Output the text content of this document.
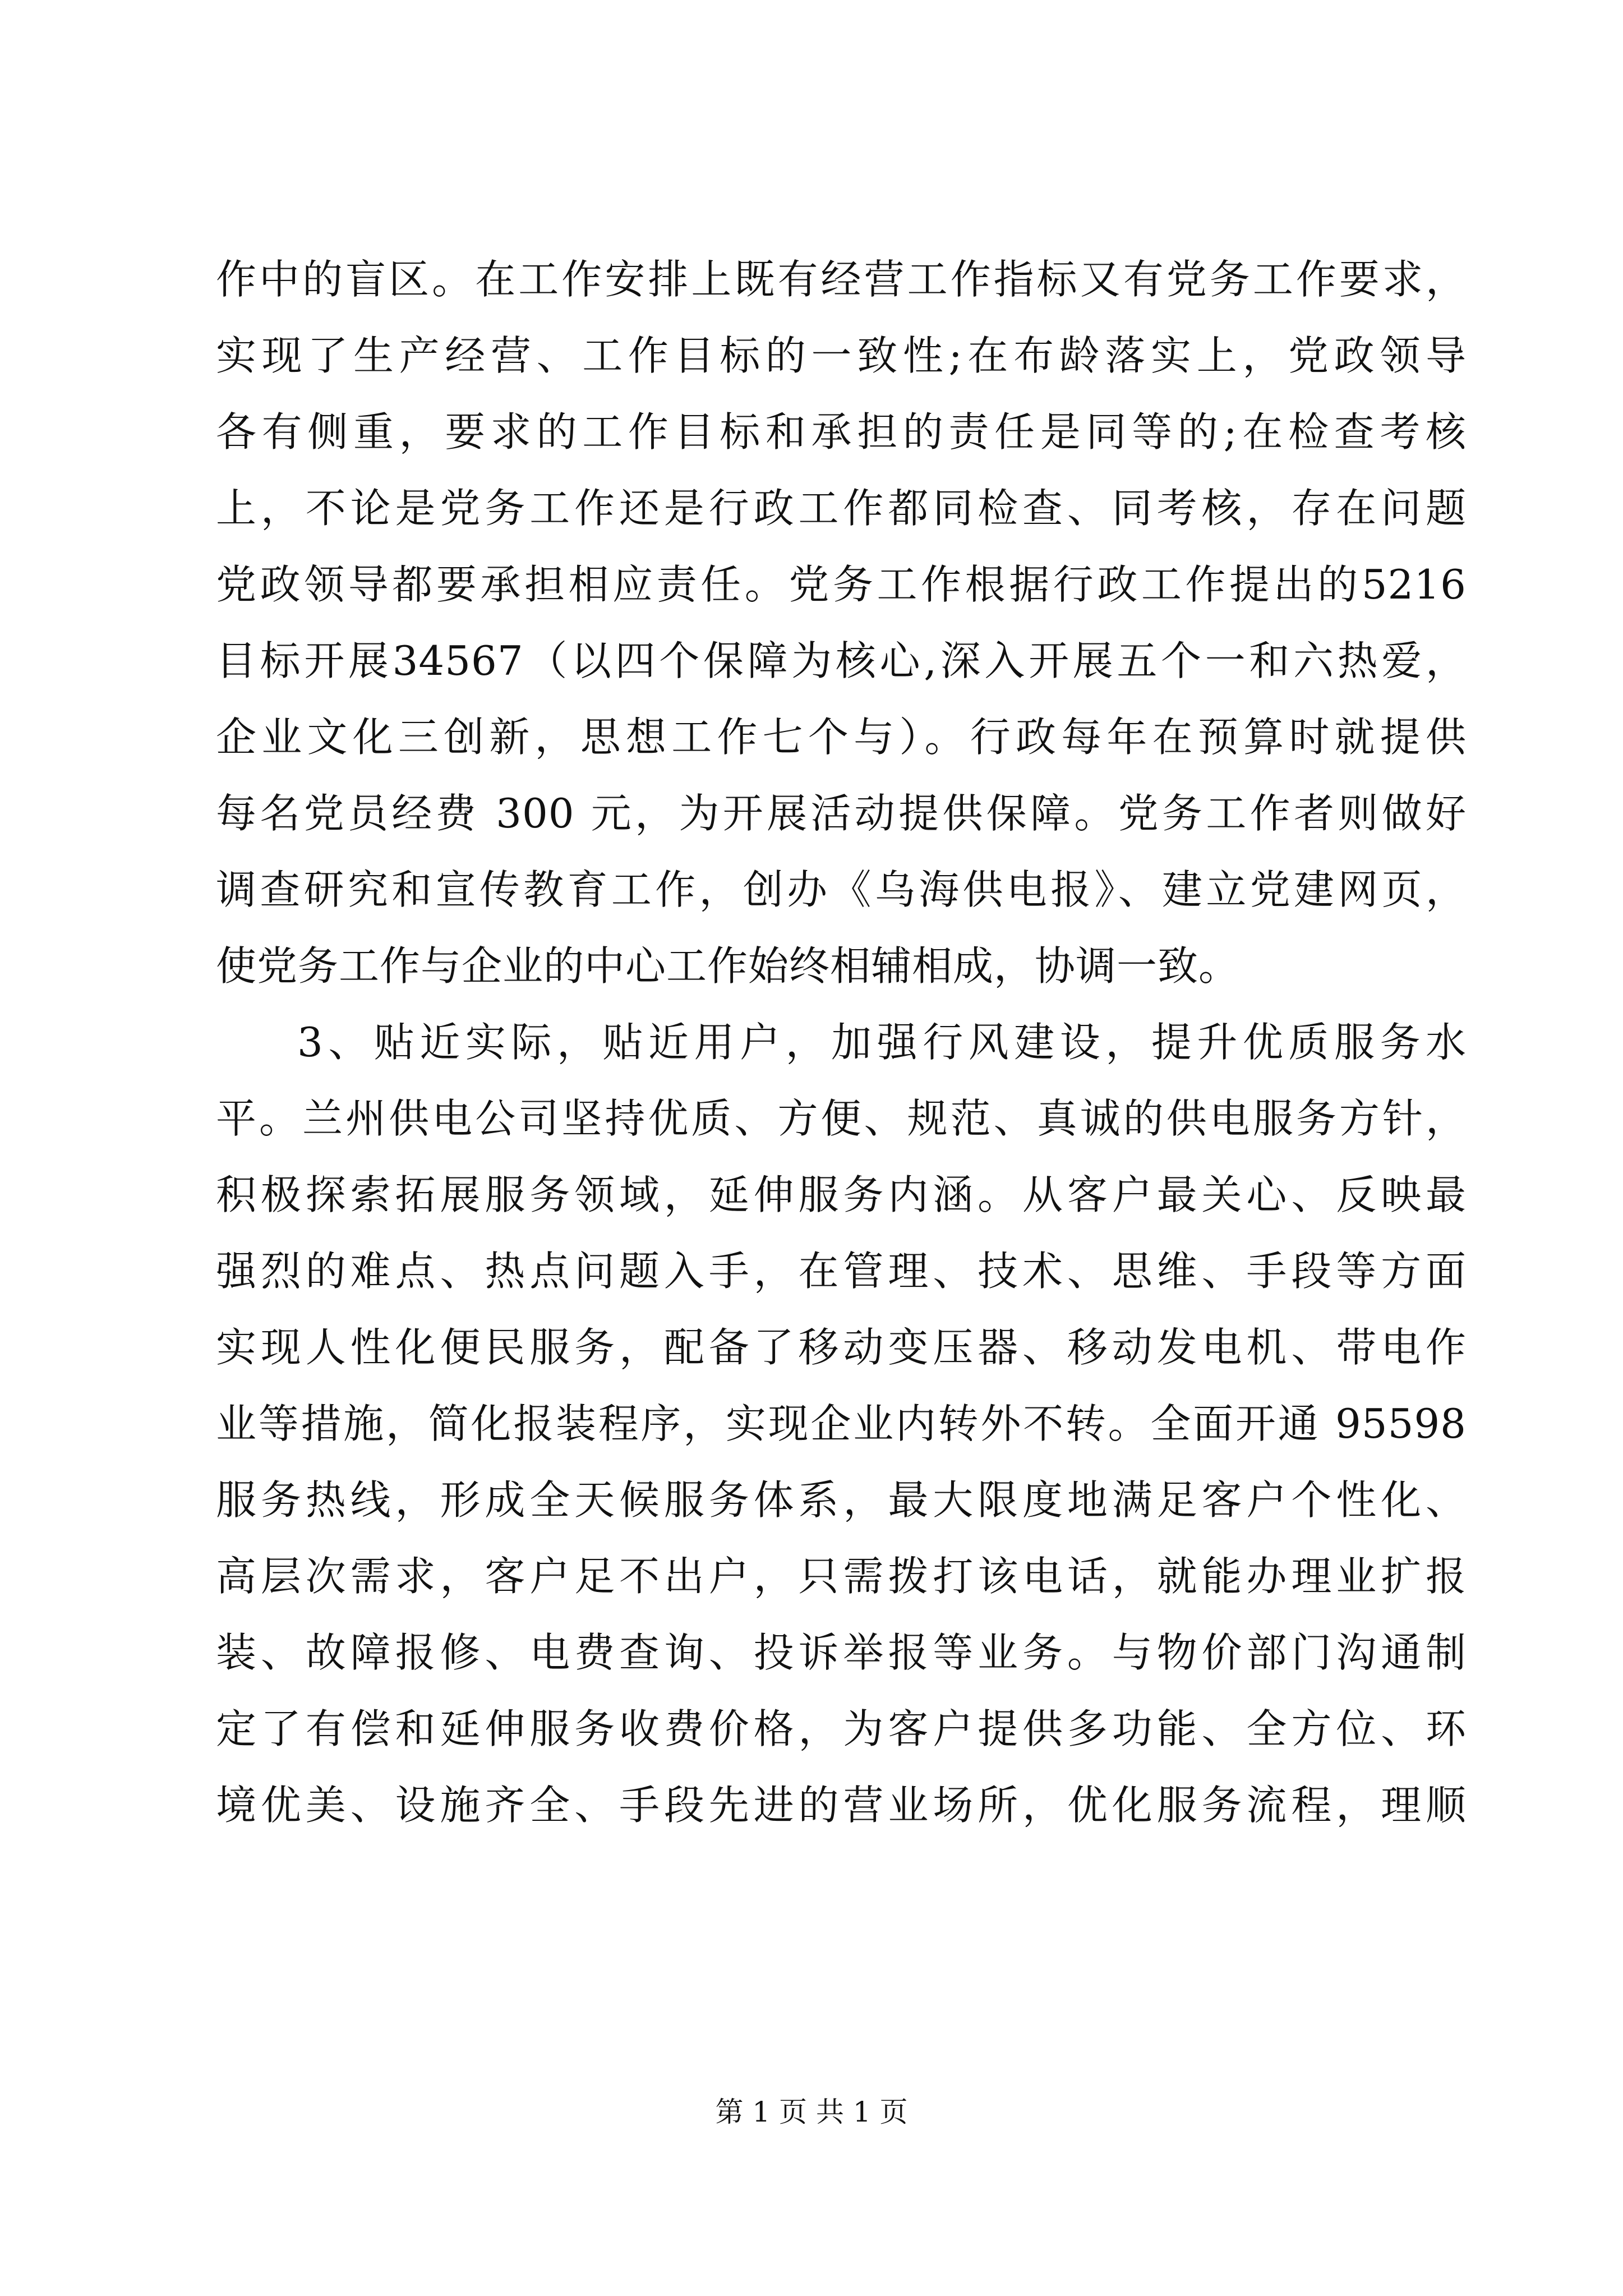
作中的盲区。在工作安排上既有经营工作指标又有党务工作要求，
实现了生产经营、工作目标的一致性;在布龄落实上，党政领导
各有侧重，要求的工作目标和承担的责任是同等的;在检查考核
上，不论是党务工作还是行政工作都同检查、同考核，存在问题
党政领导都要承担相应责任。党务工作根据行政工作提出的5216
目标开展34567（以四个保障为核心,深入开展五个一和六热爱，
企业文化三创新，思想工作七个与）。行政每年在预算时就提供
每名党员经费 300 元，为开展活动提供保障。党务工作者则做好
调查研究和宣传教育工作，创办《乌海供电报》、建立党建网页，
使党务工作与企业的中心工作始终相辅相成，协调一致。
3、贴近实际，贴近用户，加强行风建设，提升优质服务水
平。兰州供电公司坚持优质、方便、规范、真诚的供电服务方针，
积极探索拓展服务领域，延伸服务内涵。从客户最关心、反映最
强烈的难点、热点问题入手，在管理、技术、思维、手段等方面
实现人性化便民服务，配备了移动变压器、移动发电机、带电作
业等措施，简化报装程序，实现企业内转外不转。全面开通 95598
服务热线，形成全天候服务体系，最大限度地满足客户个性化、
高层次需求，客户足不出户，只需拨打该电话，就能办理业扩报
装、故障报修、电费查询、投诉举报等业务。与物价部门沟通制
定了有偿和延伸服务收费价格，为客户提供多功能、全方位、环
境优美、设施齐全、手段先进的营业场所，优化服务流程，理顺
第 1 页 共 1 页
